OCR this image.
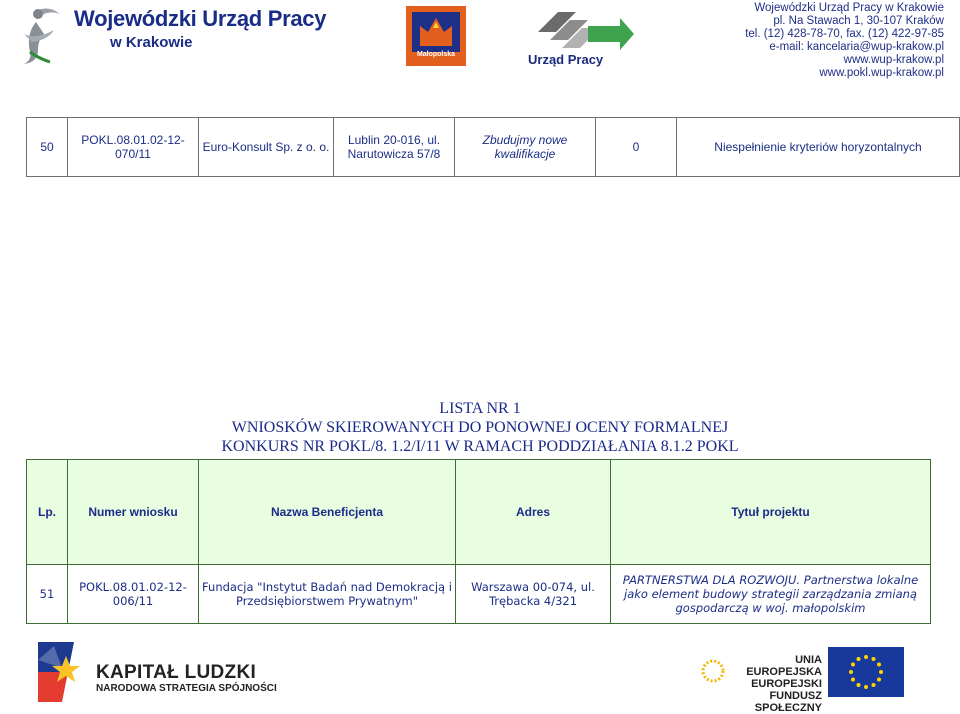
Wojewódzki Urząd Pracy
w Krakowie
Małopolska	Urząd Pracy
Wojewódzki Urząd Pracy w Krakowie
pl. Na Stawach 1, 30-107 Kraków
tel. (12) 428-78-70, fax. (12) 422-97-85
e-mail: kancelaria@wup-krakow.pl
www.wup-krakow.pl
www.pokl.wup-krakow.pl
50	POKL.08.01.02-12-070/11	Euro-Konsult Sp. z o. o.	Lublin 20-016, ul. Narutowicza 57/8	Zbudujmy nowe kwalifikacje	0	Niespełnienie kryteriów horyzontalnych
LISTA NR 1
WNIOSKÓW SKIEROWANYCH DO PONOWNEJ OCENY FORMALNEJ
KONKURS NR POKL/8. 1.2/I/11 W RAMACH PODDZIAŁANIA 8.1.2 POKL
Lp.	Numer wniosku	Nazwa Beneficjenta	Adres	Tytuł projektu
51	POKL.08.01.02-12-006/11	Fundacja "Instytut Badań nad Demokracją i Przedsiębiorstwem Prywatnym"	Warszawa 00-074, ul. Trębacka 4/321	PARTNERSTWA DLA ROZWOJU. Partnerstwa lokalne jako element budowy strategii zarządzania zmianą gospodarczą w woj. małopolskim
KAPITAŁ LUDZKI
NARODOWA STRATEGIA SPÓJNOŚCI
UNIA EUROPEJSKA
EUROPEJSKI
FUNDUSZ SPOŁECZNY
